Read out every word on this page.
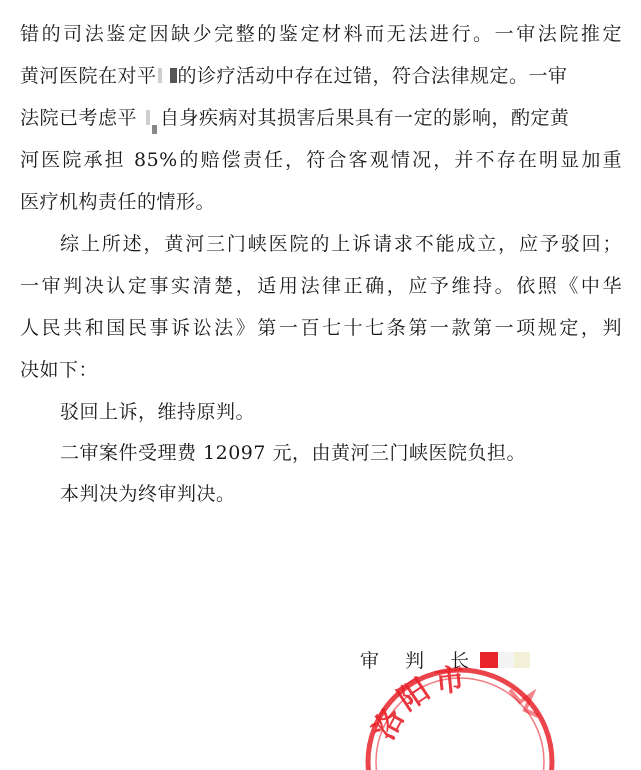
错的司法鉴定因缺少完整的鉴定材料而无法进行。一审法院推定
黄河医院在对平 的诊疗活动中存在过错，符合法律规定。一审
法院已考虑平 自身疾病对其损害后果具有一定的影响，酌定黄
河医院承担 85%的赔偿责任，符合客观情况，并不存在明显加重
医疗机构责任的情形。
综上所述，黄河三门峡医院的上诉请求不能成立，应予驳回；
一审判决认定事实清楚，适用法律正确，应予维持。依照《中华
人民共和国民事诉讼法》第一百七十七条第一款第一项规定，判
决如下：
驳回上诉，维持原判。
二审案件受理费 12097 元，由黄河三门峡医院负担。
本判决为终审判决。
审 判 长
洛阳市
